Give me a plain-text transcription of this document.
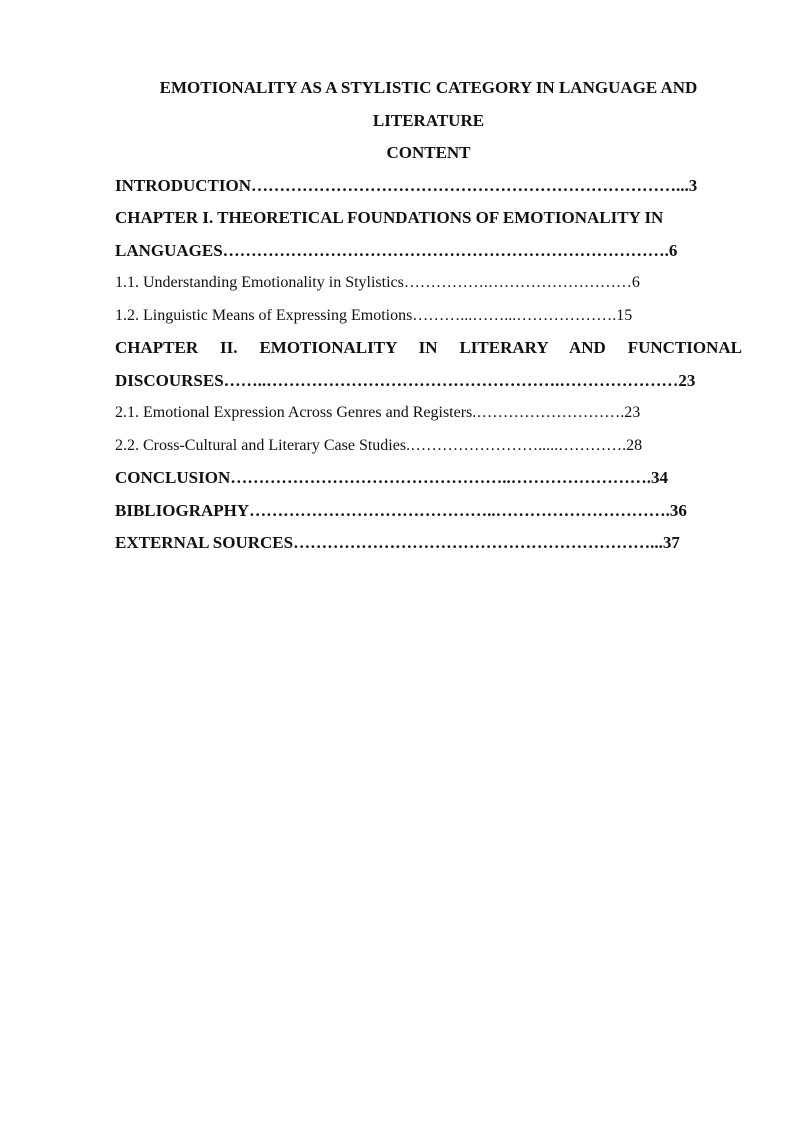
EMOTIONALITY AS A STYLISTIC CATEGORY IN LANGUAGE AND

LITERATURE

CONTENT

INTRODUCTION…………………………………………………………………...3
CHAPTER I. THEORETICAL FOUNDATIONS OF EMOTIONALITY IN
LANGUAGES…………………………………………………………………….6
1.1. Understanding Emotionality in Stylistics…………….………………………6
1.2. Linguistic Means of Expressing Emotions………...……...……………….15
CHAPTER II. EMOTIONALITY IN LITERARY AND FUNCTIONAL
DISCOURSES……..…………………………………………….…………………23
2.1. Emotional Expression Across Genres and Registers.……………………….23
2.2. Cross-Cultural and Literary Case Studies.…………………….....………….28
CONCLUSION…………………………………………..…………………….34
BIBLIOGRAPHY……………………………………..………………………….36
EXTERNAL SOURCES………………………………………………………...37
